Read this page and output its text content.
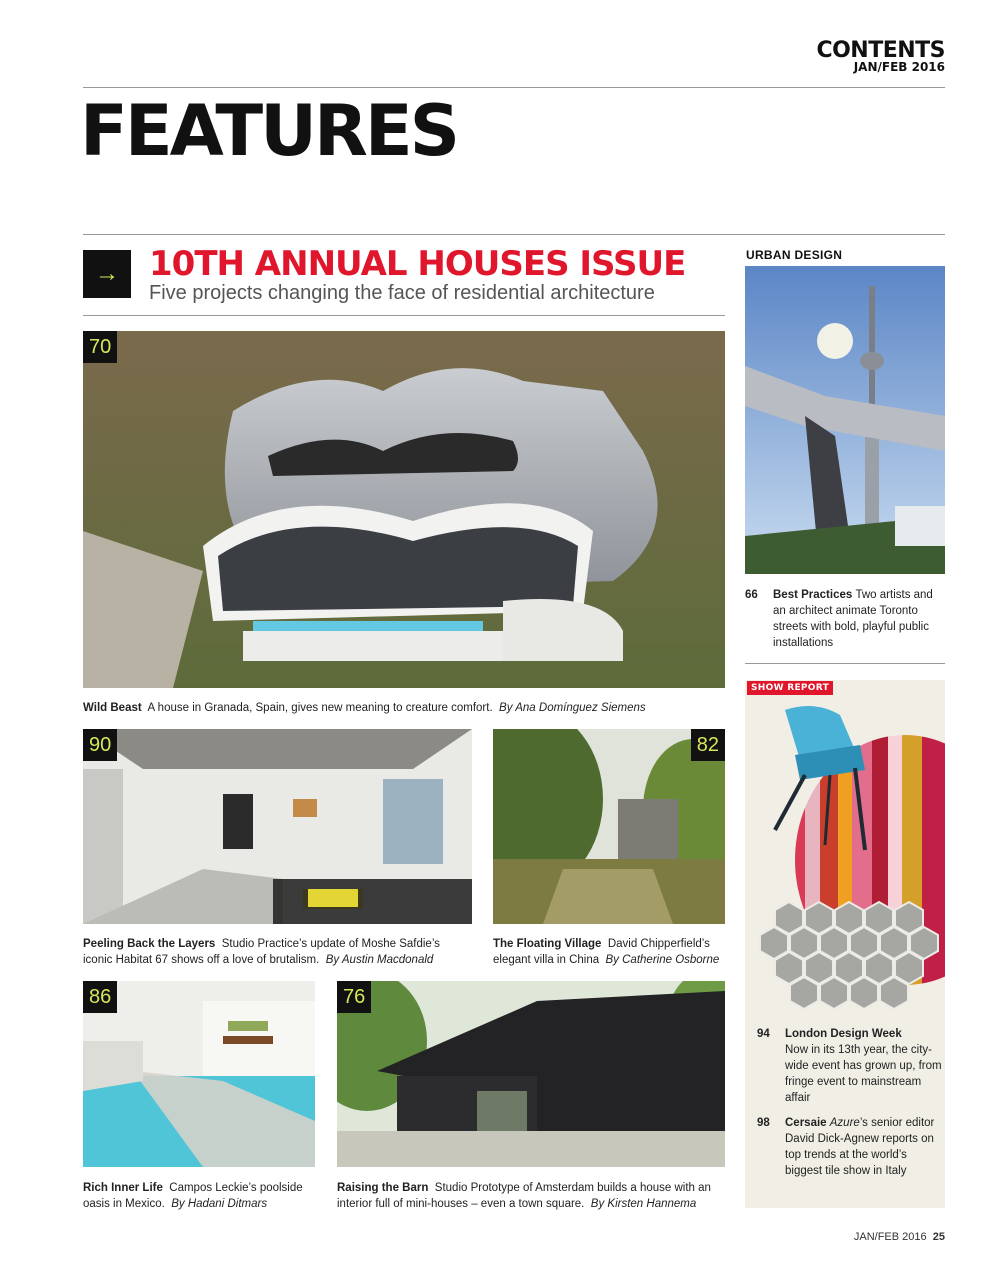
CONTENTS
JAN/FEB 2016
FEATURES
→ 10TH ANNUAL HOUSES ISSUE
Five projects changing the face of residential architecture
70
Wild Beast A house in Granada, Spain, gives new meaning to creature comfort. By Ana Domínguez Siemens
90
Peeling Back the Layers Studio Practice’s update of Moshe Safdie’s iconic Habitat 67 shows off a love of brutalism. By Austin Macdonald
82
The Floating Village David Chipperfield’s elegant villa in China By Catherine Osborne
86
Rich Inner Life Campos Leckie’s poolside oasis in Mexico. By Hadani Ditmars
76
Raising the Barn Studio Prototype of Amsterdam builds a house with an interior full of mini-houses – even a town square. By Kirsten Hannema
URBAN DESIGN
66 Best Practices Two artists and an architect animate Toronto streets with bold, playful public installations
SHOW REPORT
94 London Design Week
Now in its 13th year, the city-wide event has grown up, from fringe event to mainstream affair
98 Cersaie Azure’s senior editor David Dick-Agnew reports on top trends at the world’s biggest tile show in Italy
JAN/FEB 2016 25
